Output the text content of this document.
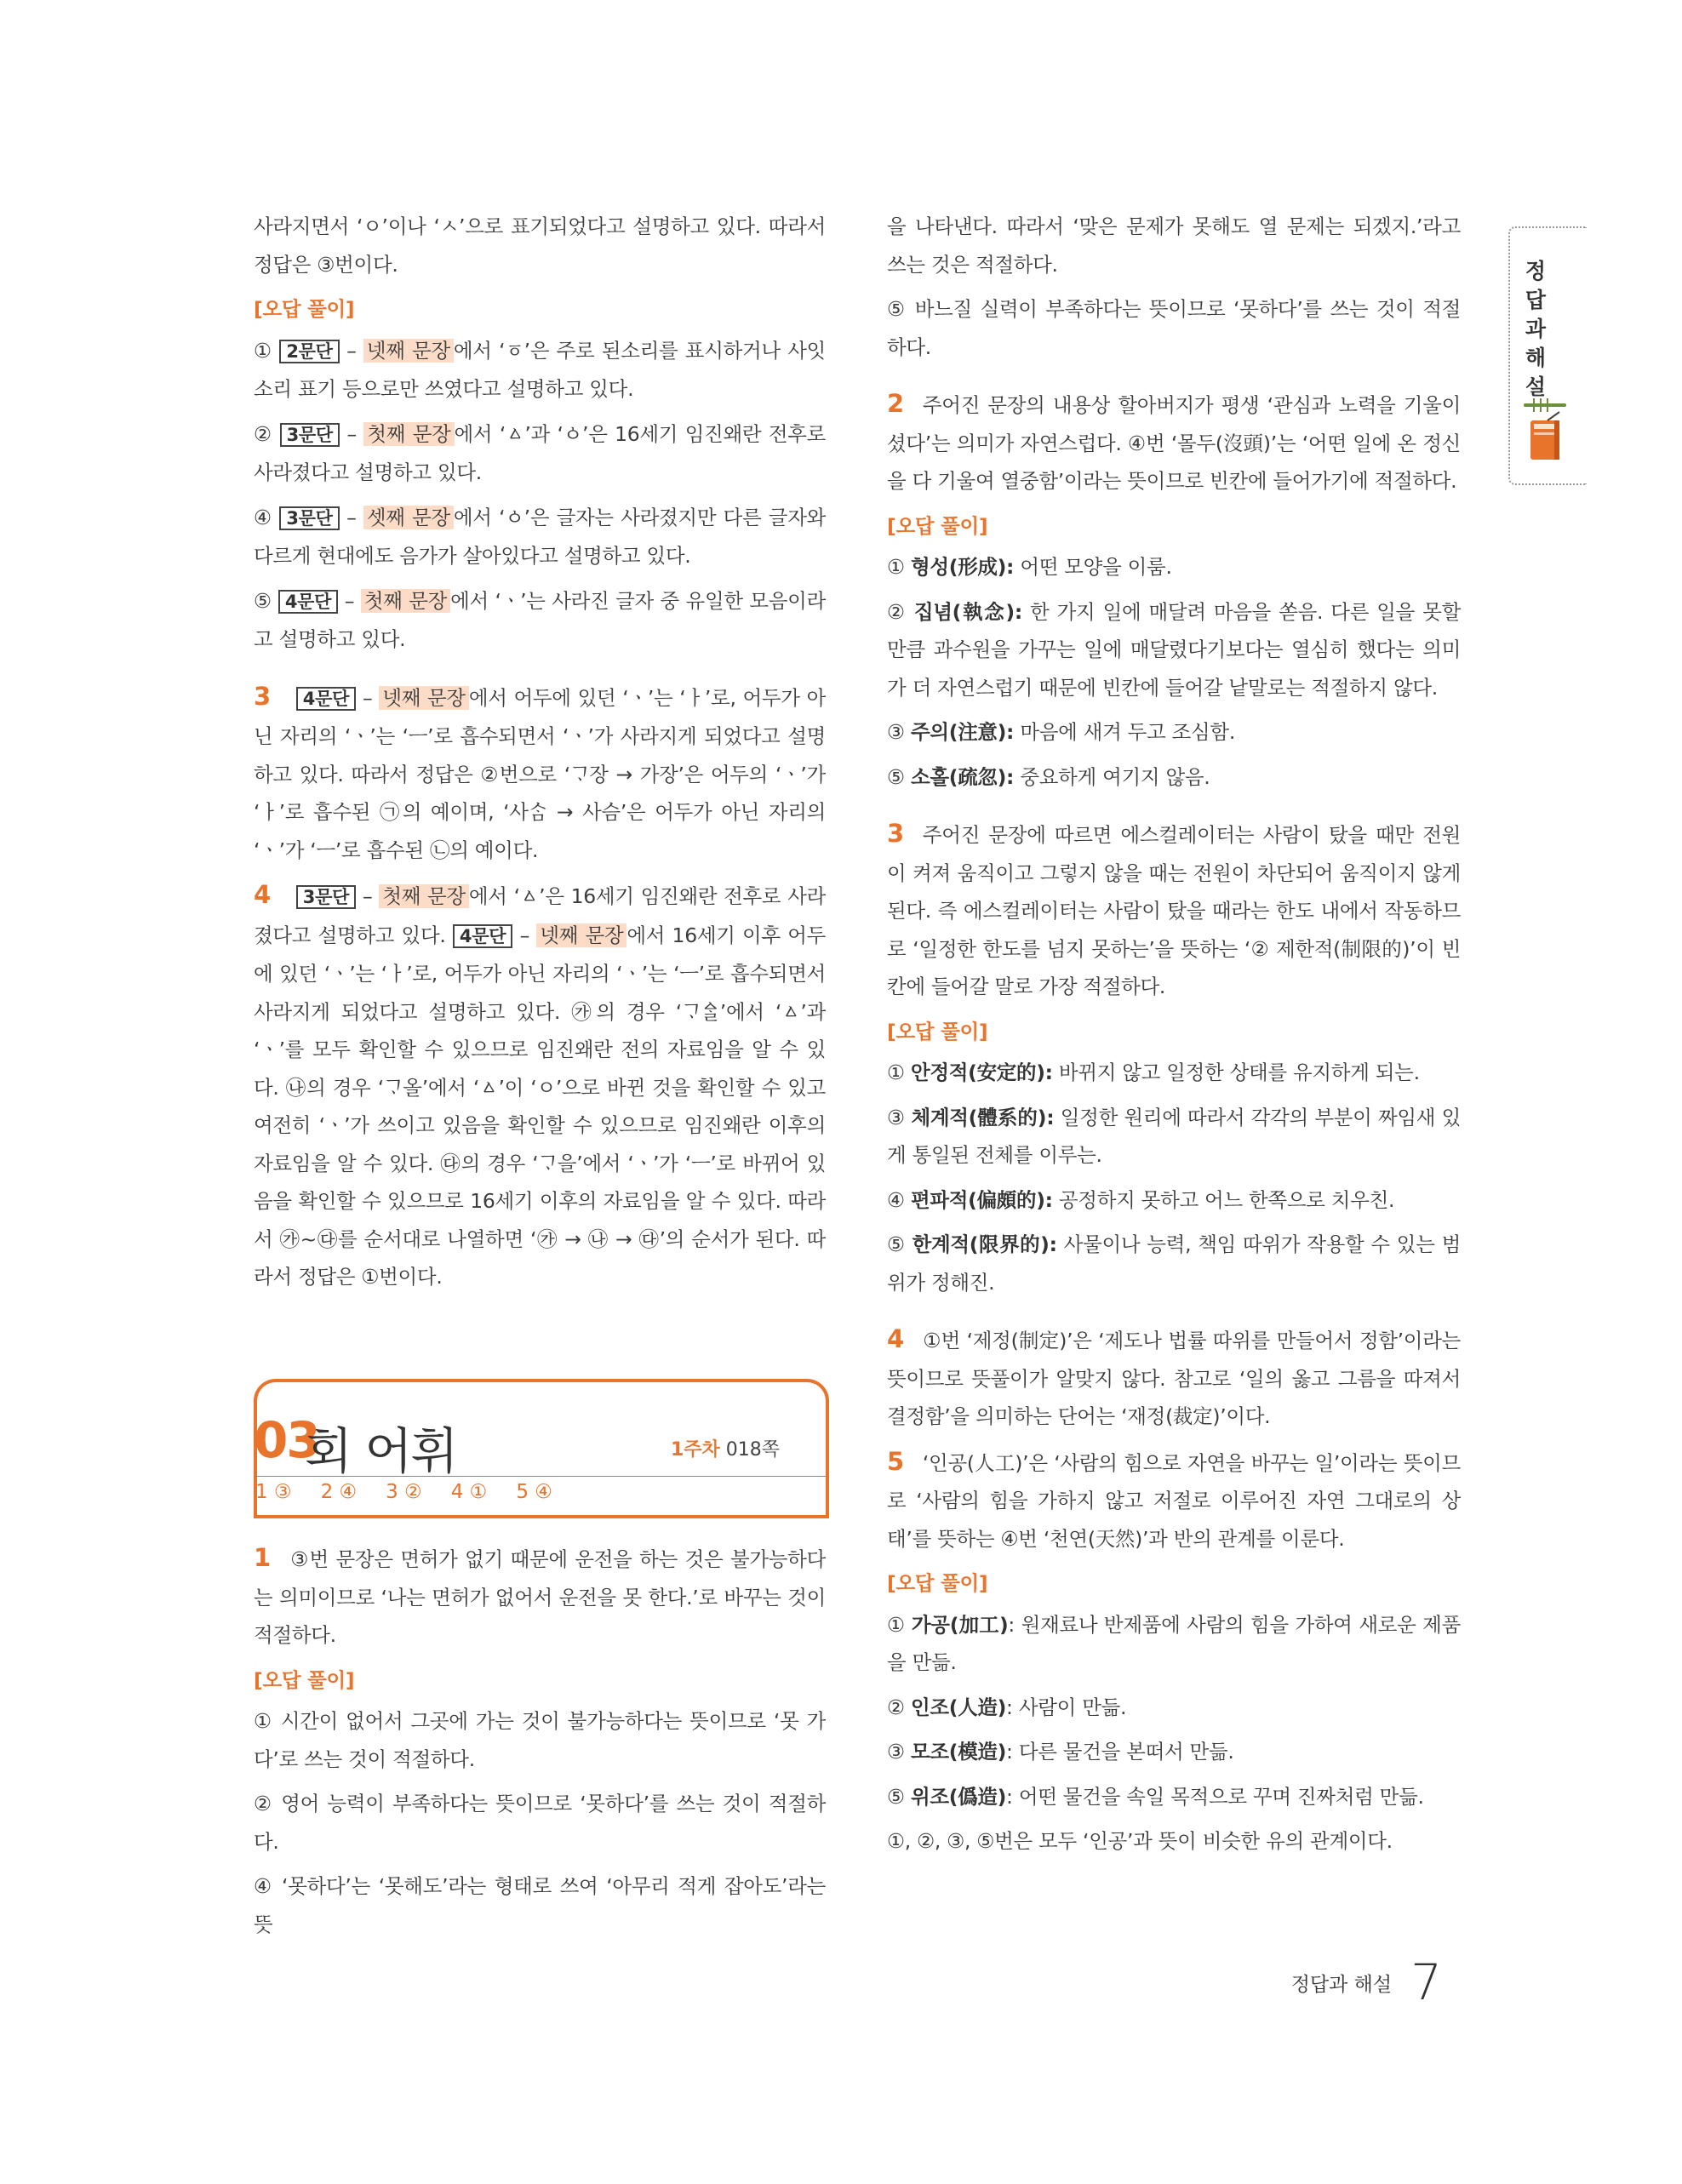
사라지면서 ‘ㅇ’이나 ‘ㅅ’으로 표기되었다고 설명하고 있다. 따라서 정답은 ③번이다.

[오답 풀이]

① 2문단 – 넷째 문장 에서 ‘ㆆ’은 주로 된소리를 표시하거나 사잇소리 표기 등으로만 쓰였다고 설명하고 있다.

② 3문단 – 첫째 문장 에서 ‘ㅿ’과 ‘ㆁ’은 16세기 임진왜란 전후로 사라졌다고 설명하고 있다.

④ 3문단 – 셋째 문장 에서 ‘ㆁ’은 글자는 사라졌지만 다른 글자와 다르게 현대에도 음가가 살아있다고 설명하고 있다.

⑤ 4문단 – 첫째 문장 에서 ‘ㆍ’는 사라진 글자 중 유일한 모음이라고 설명하고 있다.

3 4문단 – 넷째 문장 에서 어두에 있던 ‘ㆍ’는 ‘ㅏ’로, 어두가 아닌 자리의 ‘ㆍ’는 ‘ㅡ’로 흡수되면서 ‘ㆍ’가 사라지게 되었다고 설명하고 있다. 따라서 정답은 ②번으로 ‘ᄀᆞ장 → 가장’은 어두의 ‘ㆍ’가 ‘ㅏ’로 흡수된 ㉠의 예이며, ‘사ᄉᆞᆷ → 사슴’은 어두가 아닌 자리의 ‘ㆍ’가 ‘ㅡ’로 흡수된 ㉡의 예이다.

4 3문단 – 첫째 문장 에서 ‘ㅿ’은 16세기 임진왜란 전후로 사라졌다고 설명하고 있다. 4문단 – 넷째 문장 에서 16세기 이후 어두에 있던 ‘ㆍ’는 ‘ㅏ’로, 어두가 아닌 자리의 ‘ㆍ’는 ‘ㅡ’로 흡수되면서 사라지게 되었다고 설명하고 있다. ㉮의 경우 ‘ᄀᆞᅀᆞᆯ’에서 ‘ㅿ’과 ‘ㆍ’를 모두 확인할 수 있으므로 임진왜란 전의 자료임을 알 수 있다. ㉯의 경우 ‘ᄀᆞ올’에서 ‘ㅿ’이 ‘ㅇ’으로 바뀐 것을 확인할 수 있고 여전히 ‘ㆍ’가 쓰이고 있음을 확인할 수 있으므로 임진왜란 이후의 자료임을 알 수 있다. ㉰의 경우 ‘ᄀᆞ을’에서 ‘ㆍ’가 ‘ㅡ’로 바뀌어 있음을 확인할 수 있으므로 16세기 이후의 자료임을 알 수 있다. 따라서 ㉮~㉰를 순서대로 나열하면 ‘㉮ → ㉯ → ㉰’의 순서가 된다. 따라서 정답은 ①번이다.

03
회 어휘	1주차 018쪽
1 ③ 2 ④ 3 ② 4 ① 5 ④

1 ③번 문장은 면허가 없기 때문에 운전을 하는 것은 불가능하다는 의미이므로 ‘나는 면허가 없어서 운전을 못 한다.’로 바꾸는 것이 적절하다.

[오답 풀이]

① 시간이 없어서 그곳에 가는 것이 불가능하다는 뜻이므로 ‘못 가다’로 쓰는 것이 적절하다.

② 영어 능력이 부족하다는 뜻이므로 ‘못하다’를 쓰는 것이 적절하다.

④ ‘못하다’는 ‘못해도’라는 형태로 쓰여 ‘아무리 적게 잡아도’라는 뜻

을 나타낸다. 따라서 ‘맞은 문제가 못해도 열 문제는 되겠지.’라고 쓰는 것은 적절하다.

⑤ 바느질 실력이 부족하다는 뜻이므로 ‘못하다’를 쓰는 것이 적절하다.

2 주어진 문장의 내용상 할아버지가 평생 ‘관심과 노력을 기울이셨다’는 의미가 자연스럽다. ④번 ‘몰두(沒頭)’는 ‘어떤 일에 온 정신을 다 기울여 열중함’이라는 뜻이므로 빈칸에 들어가기에 적절하다.

[오답 풀이]

① 형성(形成): 어떤 모양을 이룸.

② 집념(執念): 한 가지 일에 매달려 마음을 쏟음. 다른 일을 못할 만큼 과수원을 가꾸는 일에 매달렸다기보다는 열심히 했다는 의미가 더 자연스럽기 때문에 빈칸에 들어갈 낱말로는 적절하지 않다.

③ 주의(注意): 마음에 새겨 두고 조심함.

⑤ 소홀(疏忽): 중요하게 여기지 않음.

3 주어진 문장에 따르면 에스컬레이터는 사람이 탔을 때만 전원이 켜져 움직이고 그렇지 않을 때는 전원이 차단되어 움직이지 않게 된다. 즉 에스컬레이터는 사람이 탔을 때라는 한도 내에서 작동하므로 ‘일정한 한도를 넘지 못하는’을 뜻하는 ‘② 제한적(制限的)’이 빈칸에 들어갈 말로 가장 적절하다.

[오답 풀이]

① 안정적(安定的): 바뀌지 않고 일정한 상태를 유지하게 되는.

③ 체계적(體系的): 일정한 원리에 따라서 각각의 부분이 짜임새 있게 통일된 전체를 이루는.

④ 편파적(偏頗的): 공정하지 못하고 어느 한쪽으로 치우친.

⑤ 한계적(限界的): 사물이나 능력, 책임 따위가 작용할 수 있는 범위가 정해진.

4 ①번 ‘제정(制定)’은 ‘제도나 법률 따위를 만들어서 정함’이라는 뜻이므로 뜻풀이가 알맞지 않다. 참고로 ‘일의 옳고 그름을 따져서 결정함’을 의미하는 단어는 ‘재정(裁定)’이다.

5 ‘인공(人工)’은 ‘사람의 힘으로 자연을 바꾸는 일’이라는 뜻이므로 ‘사람의 힘을 가하지 않고 저절로 이루어진 자연 그대로의 상태’를 뜻하는 ④번 ‘천연(天然)’과 반의 관계를 이룬다.

[오답 풀이]

① 가공(加工): 원재료나 반제품에 사람의 힘을 가하여 새로운 제품을 만듦.

② 인조(人造): 사람이 만듦.

③ 모조(模造): 다른 물건을 본떠서 만듦.

⑤ 위조(僞造): 어떤 물건을 속일 목적으로 꾸며 진짜처럼 만듦.

①, ②, ③, ⑤번은 모두 ‘인공’과 뜻이 비슷한 유의 관계이다.

정
답
과
해
설
정답과 해설 7
